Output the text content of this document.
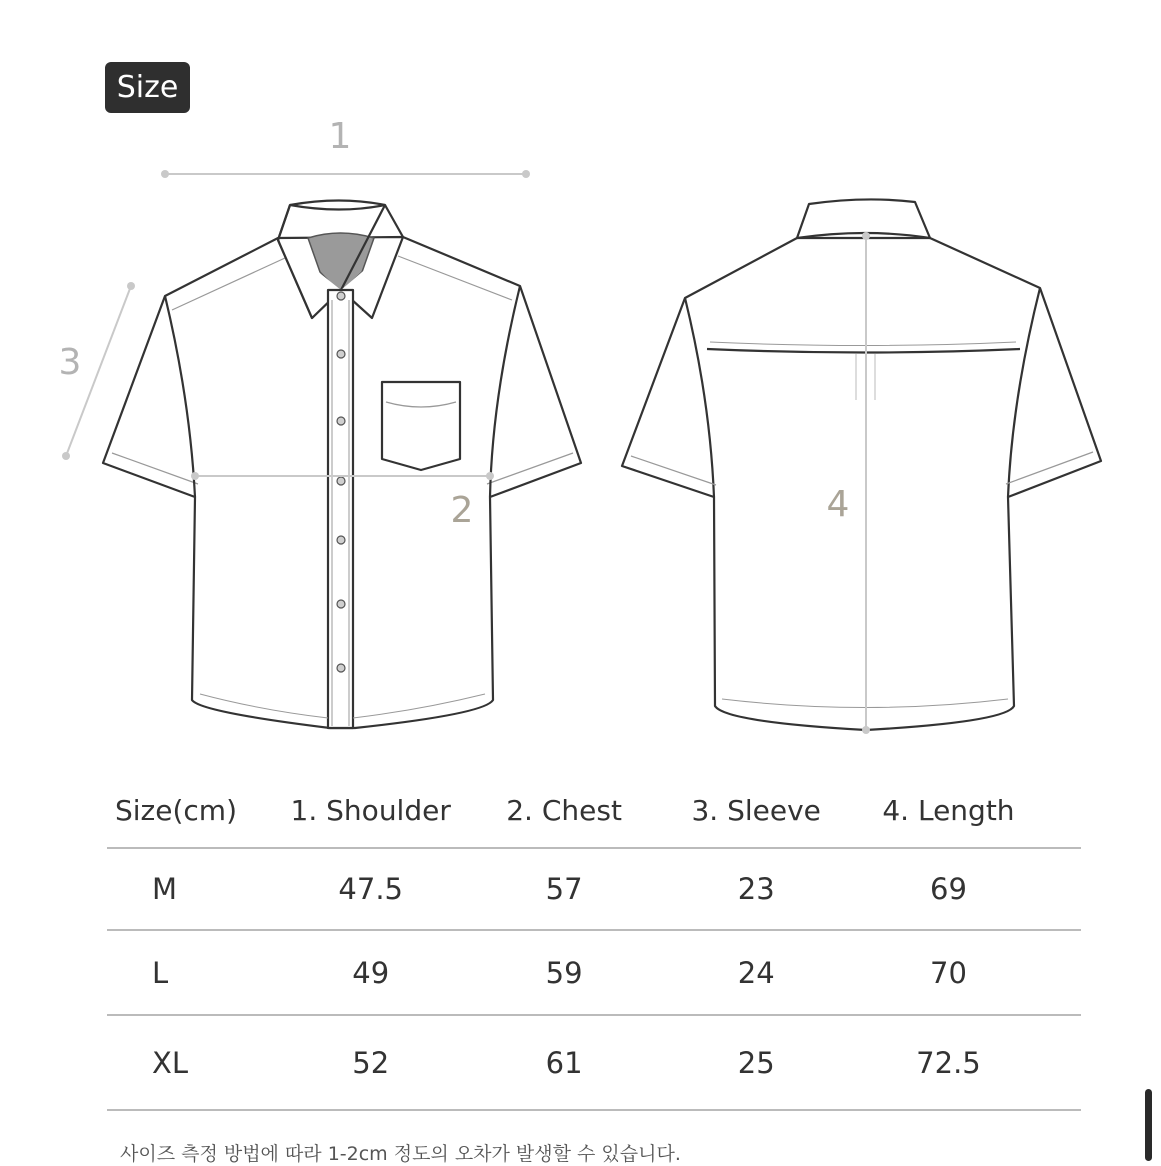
Size
1
3
2	4
Size(cm)	1. Shoulder	2. Chest	3. Sleeve	4. Length	
M	47.5	57	23	69	
L	49	59	24	70	
XL	52	61	25	72.5	
사이즈 측정 방법에 따라 1-2cm 정도의 오차가 발생할 수 있습니다.
